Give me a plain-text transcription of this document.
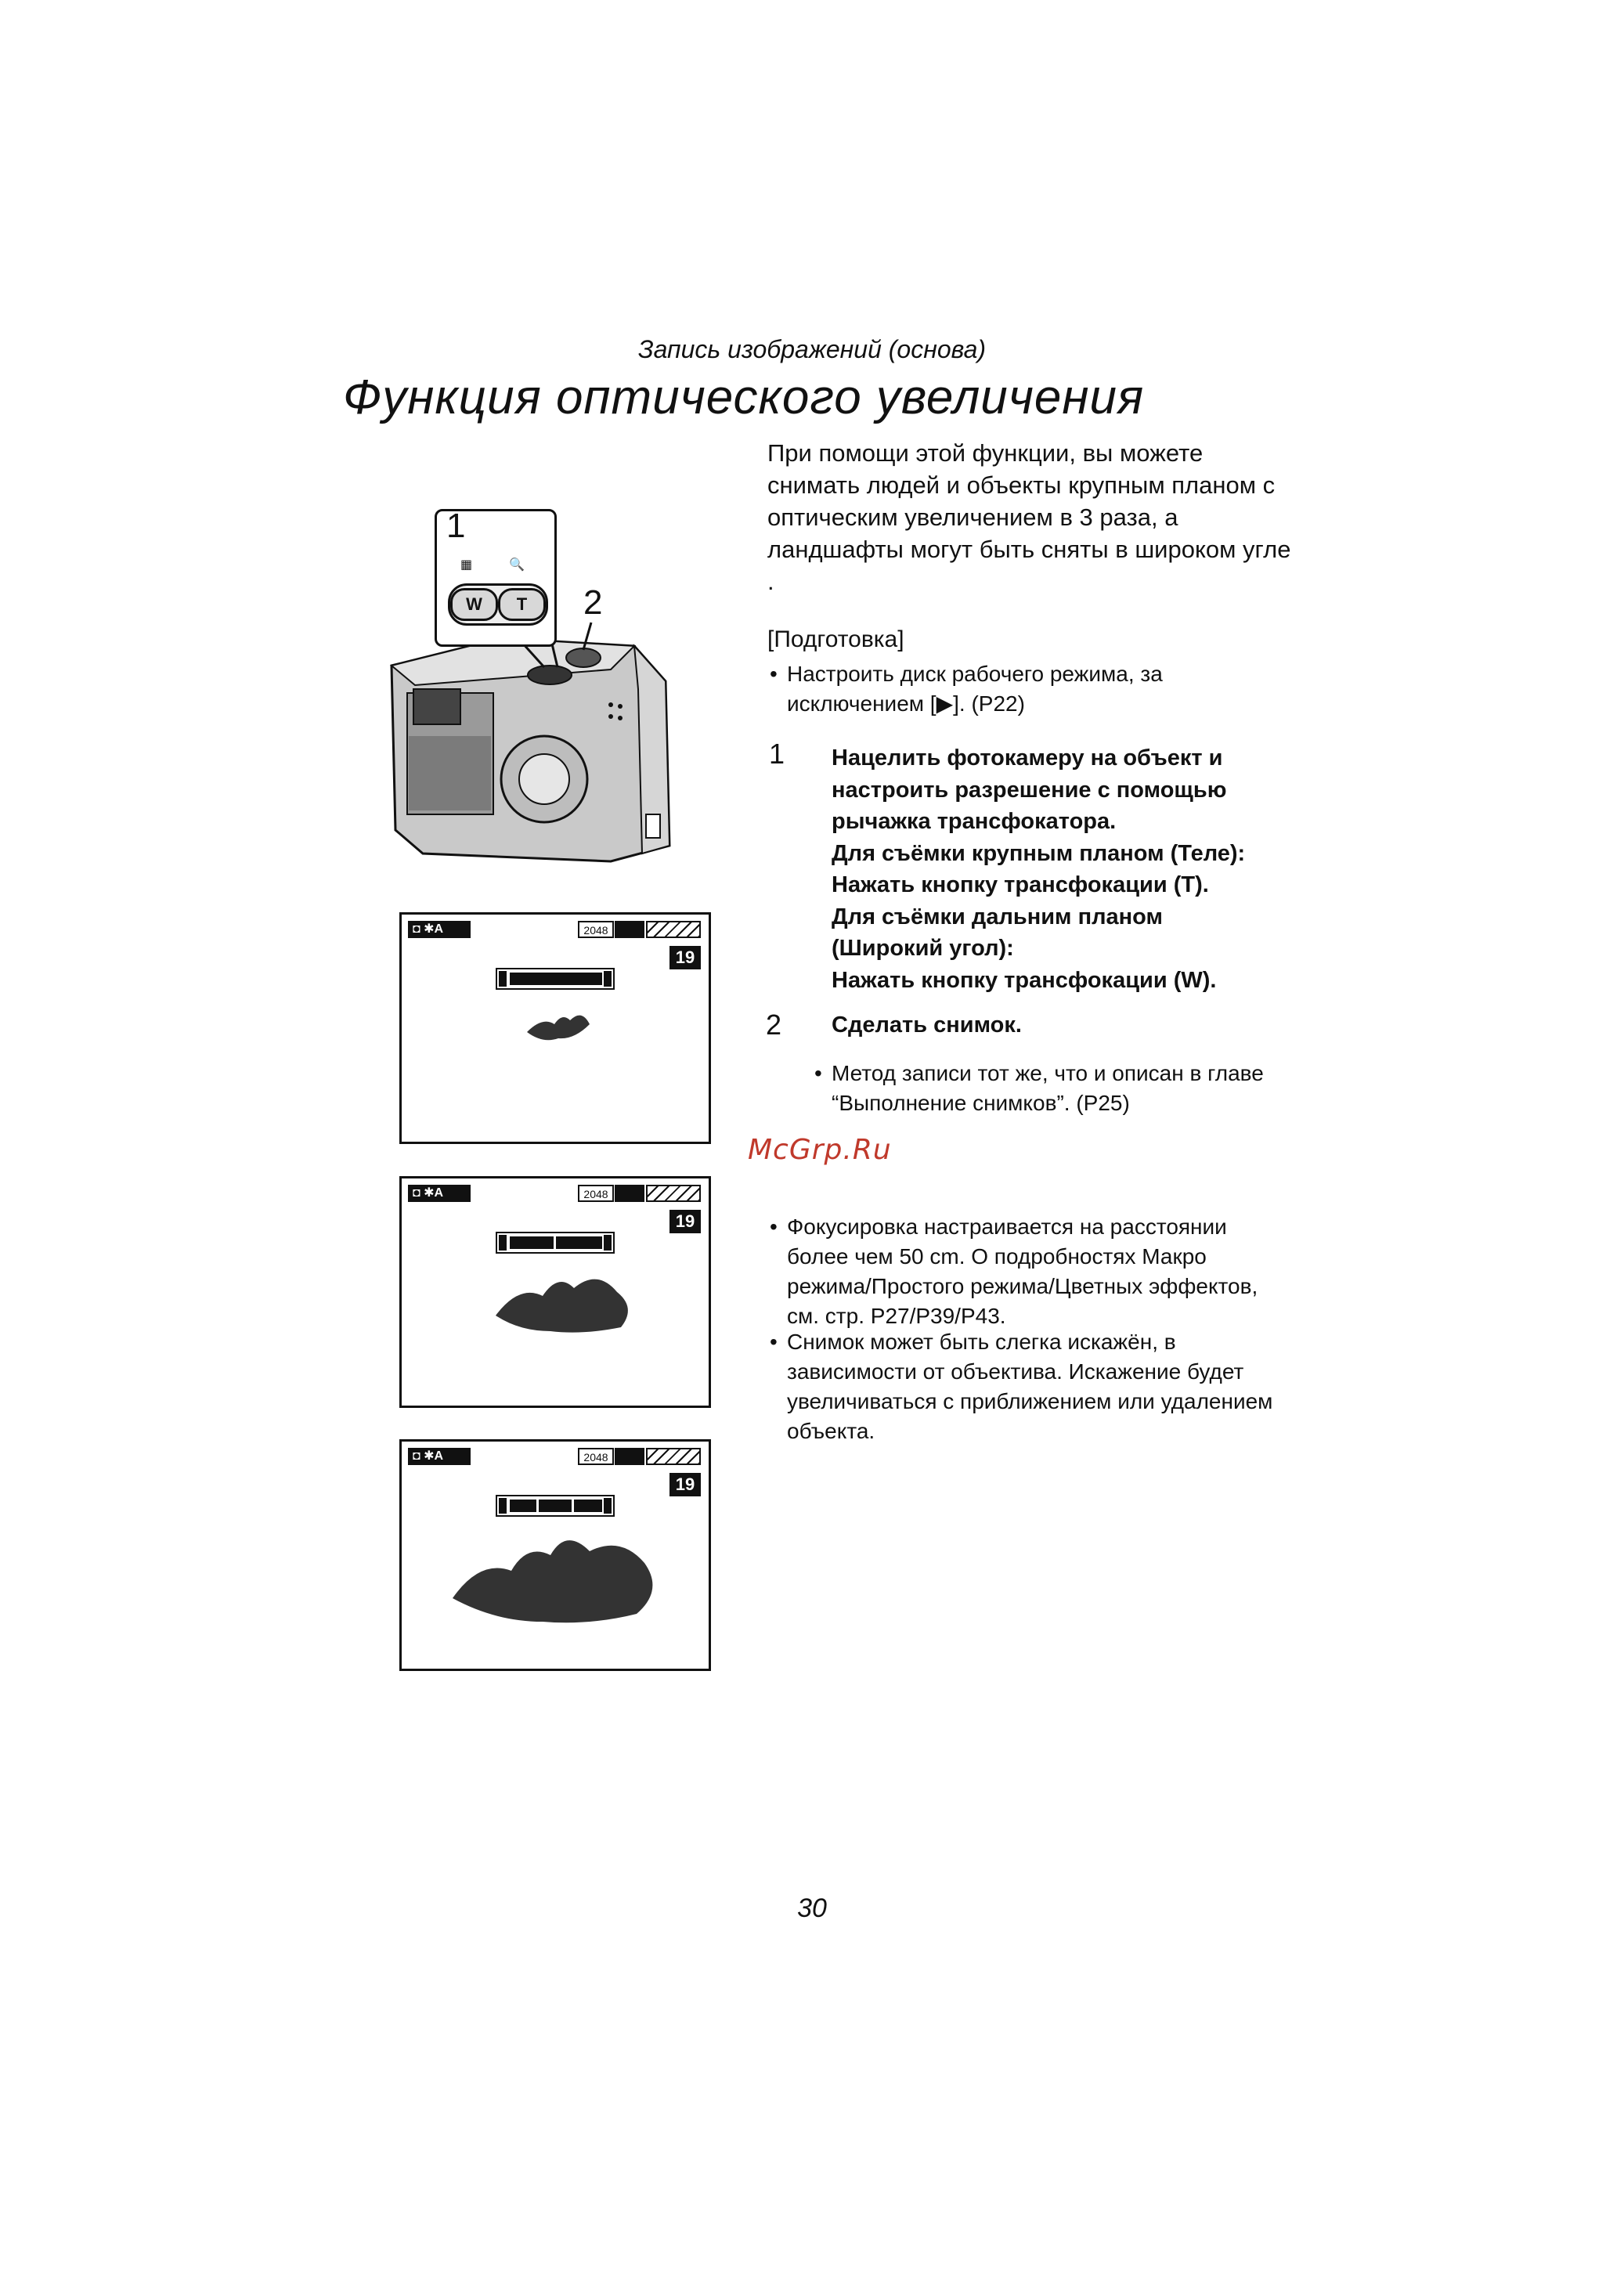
Запись изображений (основа)
Функция оптического увеличения
При помощи этой функции, вы можете снимать людей и объекты крупным планом с оптическим увеличением в 3 раза, а ландшафты могут быть сняты в широком угле .
[Подготовка]
• Настроить диск рабочего режима, за исключением [▶]. (P22)
1 Нацелить фотокамеру на объект и
настроить разрешение с помощью
рычажка трансфокатора.
Для съёмки крупным планом (Теле):
Нажать кнопку трансфокации (T).
Для съёмки дальним планом
(Широкий угол):
Нажать кнопку трансфокации (W).
2 Сделать снимок.
• Метод записи тот же, что и описан в главе “Выполнение снимков”. (P25)
McGrp.Ru
• Фокусировка настраивается на расстоянии более чем 50 cm. О подробностях Макро режима/Простого режима/Цветных эффектов, см. стр. P27/P39/P43.
• Снимок может быть слегка искажён, в зависимости от объектива. Искажение будет увеличиваться с приближением или удалением объекта.
1
▦	🔍
W	T	2
◘ ✱A	2048
19
◘ ✱A	2048
19
◘ ✱A	2048
19
30
